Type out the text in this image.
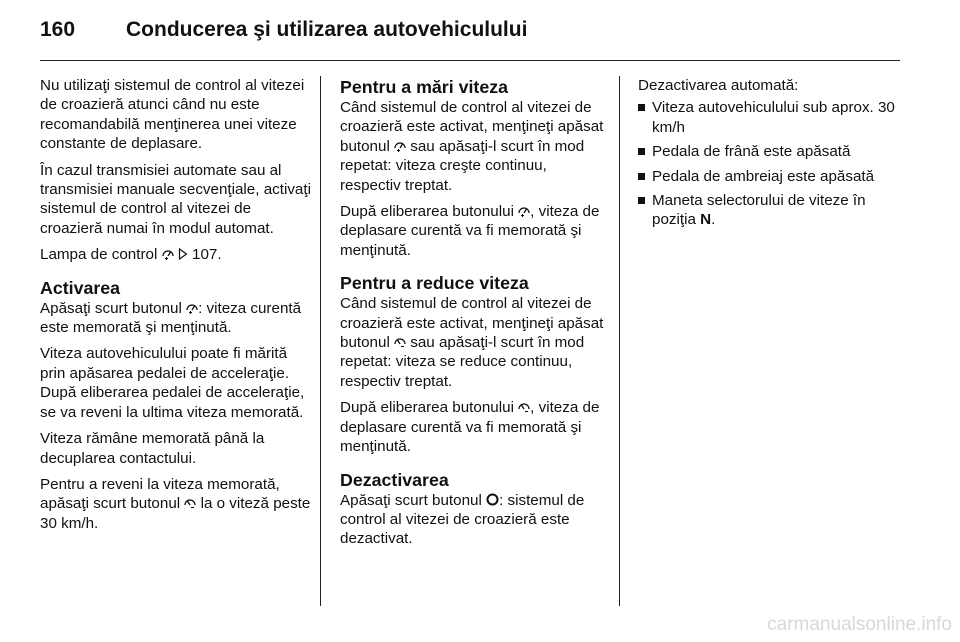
160 Conducerea şi utilizarea autovehiculului

Nu utilizaţi sistemul de control al vitezei de croazieră atunci când nu este recomandabilă menţinerea unei viteze constante de deplasare.

În cazul transmisiei automate sau al transmisiei manuale secvenţiale, activaţi sistemul de control al vitezei de croazieră numai în modul automat.

Lampa de control

107.

Activarea

Apăsaţi scurt butonul
: viteza curentă este memorată şi menţinută.

Viteza autovehiculului poate fi mărită prin apăsarea pedalei de acceleraţie. După eliberarea pedalei de acceleraţie, se va reveni la ultima viteza memorată.

Viteza rămâne memorată până la decuplarea contactului.

Pentru a reveni la viteza memorată, apăsaţi scurt butonul
la o viteză peste 30 km/h.

Pentru a mări viteza

Când sistemul de control al vitezei de croazieră este activat, menţineţi apăsat butonul
sau apăsaţi-l scurt în mod repetat: viteza creşte continuu, respectiv treptat.

După eliberarea butonului
, viteza de deplasare curentă va fi memorată şi menţinută.

Pentru a reduce viteza

Când sistemul de control al vitezei de croazieră este activat, menţineţi apăsat butonul
sau apăsaţi-l scurt în mod repetat: viteza se reduce continuu, respectiv treptat.

După eliberarea butonului
, viteza de deplasare curentă va fi memorată şi menţinută.

Dezactivarea

Apăsaţi scurt butonul
: sistemul de control al vitezei de croazieră este dezactivat.

Dezactivarea automată:

Viteza autovehiculului sub aprox. 30 km/h
Pedala de frână este apăsată
Pedala de ambreiaj este apăsată
Maneta selectorului de viteze în poziţia N.
carmanualsonline.info
